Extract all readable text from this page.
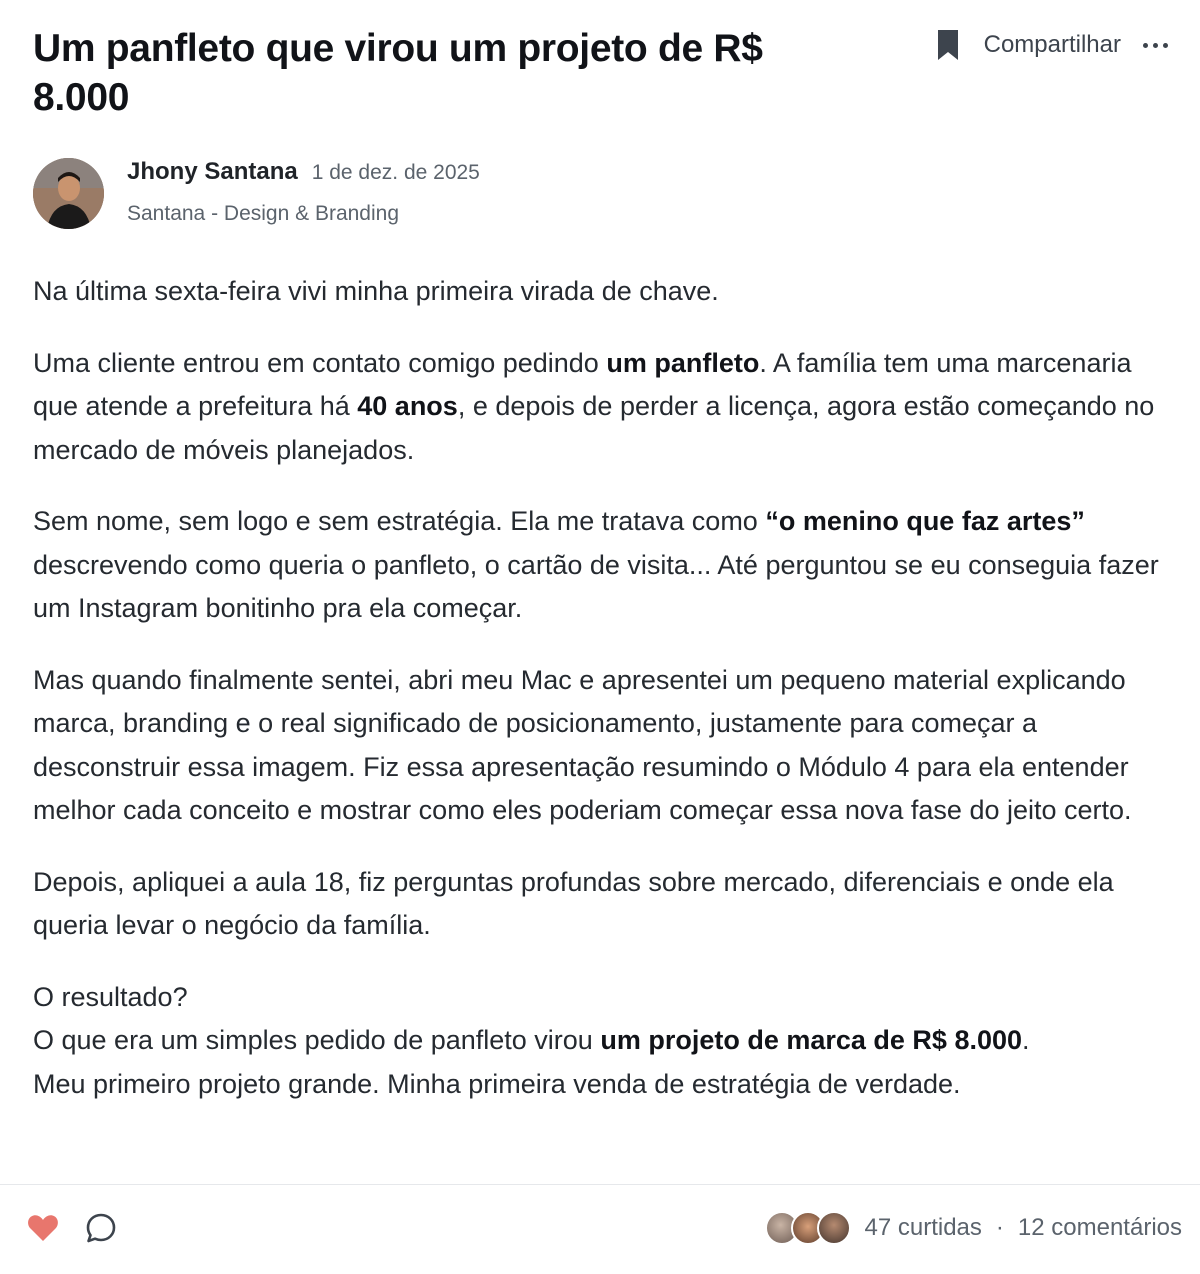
Um panfleto que virou um projeto de R$ 8.000
Compartilhar
Jhony Santana 1 de dez. de 2025
Santana - Design & Branding

Na última sexta-feira vivi minha primeira virada de chave.

Uma cliente entrou em contato comigo pedindo um panfleto. A família tem uma marcenaria que atende a prefeitura há 40 anos, e depois de perder a licença, agora estão começando no mercado de móveis planejados.

Sem nome, sem logo e sem estratégia. Ela me tratava como “o menino que faz artes” descrevendo como queria o panfleto, o cartão de visita... Até perguntou se eu conseguia fazer um Instagram bonitinho pra ela começar.

Mas quando finalmente sentei, abri meu Mac e apresentei um pequeno material explicando marca, branding e o real significado de posicionamento, justamente para começar a desconstruir essa imagem. Fiz essa apresentação resumindo o Módulo 4 para ela entender melhor cada conceito e mostrar como eles poderiam começar essa nova fase do jeito certo.

Depois, apliquei a aula 18, fiz perguntas profundas sobre mercado, diferenciais e onde ela queria levar o negócio da família.

O resultado?
O que era um simples pedido de panfleto virou um projeto de marca de R$ 8.000.
Meu primeiro projeto grande. Minha primeira venda de estratégia de verdade.

47 curtidas · 12 comentários
